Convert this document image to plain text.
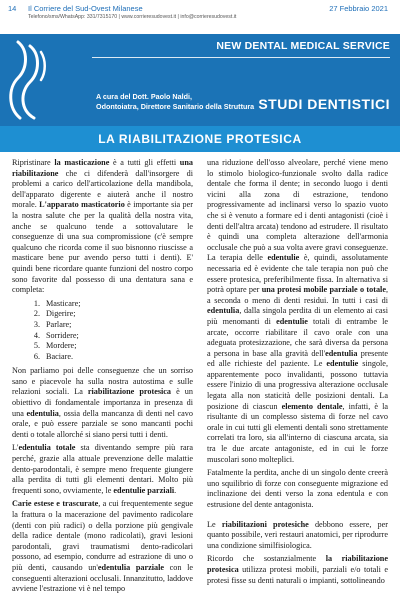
14 Il Corriere del Sud-Ovest Milanese
Telefono/sms/WhatsApp: 331/7315170 | www.corrieresudovest.it | info@corrieresudovest.it
27 Febbraio 2021
NEW DENTAL MEDICAL SERVICE
A cura del Dott. Paolo Naldi,
Odontoiatra, Direttore Sanitario della Struttura STUDI DENTISTICI
LA RIABILITAZIONE PROTESICA

Ripristinare la masticazione è a tutti gli effetti una riabilitazione che ci difenderà dall'insorgere di problemi a carico dell'articolazione della mandibola, dell'apparato digerente e aiuterà anche il nostro morale. L'apparato masticatorio è importante sia per la nostra salute che per la qualità della nostra vita, anche se qualcuno tende a sottovalutare le conseguenze di una sua compromissione (c'è sempre qualcuno che ricorda come il suo bisnonno riuscisse a masticare bene pur avendo perso tutti i denti). E' quindi bene ricordare quante funzioni del nostro corpo sono favorite dal possesso di una dentatura sana e completa:

1. Masticare;
2. Digerire;
3. Parlare;
4. Sorridere;
5. Mordere;
6. Baciare.

Non parliamo poi delle conseguenze che un sorriso sano e piacevole ha sulla nostra autostima e sulle relazioni sociali. La riabilitazione protesica è un obiettivo di fondamentale importanza in presenza di una edentulia, ossia della mancanza di denti nel cavo orale, e può essere parziale se sono mancanti pochi denti o totale allorché si siano persi tutti i denti.

L'edentulia totale sta diventando sempre più rara perché, grazie alla attuale prevenzione delle malattie dento-parodontali, è sempre meno frequente giungere alla perdita di tutti gli elementi dentari. Molto più frequenti sono, ovviamente, le edentulie parziali.

Carie estese e trascurate, a cui frequentemente segue la frattura o la macerazione del pavimento radicolare (denti con più radici) o della porzione più gengivale della radice dentale (mono radicolati), gravi lesioni parodontali, gravi traumatismi dento-radicolari possono, ad esempio, condurre ad estrazione di uno o più denti, causando un'edentulia parziale con le conseguenti alterazioni occlusali. Innanzitutto, laddove avviene l'estrazione vi è nel tempo

una riduzione dell'osso alveolare, perché viene meno lo stimolo biologico-funzionale svolto dalla radice dentale che forma il dente; in secondo luogo i denti vicini alla zona di estrazione, tendono progressivamente ad inclinarsi verso lo spazio vuoto che si è venuto a formare ed i denti antagonisti (cioè i denti dell'altra arcata) tendono ad estrudere. Il risultato è quindi una completa alterazione dell'armonia occlusale che può a sua volta avere gravi conseguenze. La terapia delle edentulie è, quindi, assolutamente necessaria ed è evidente che tale terapia non può che essere protesica, preferibilmente fissa. In alternativa si potrà optare per una protesi mobile parziale o totale, a seconda o meno di denti residui. In tutti i casi di edentulia, dalla singola perdita di un elemento ai casi più menomanti di edentulie totali di entrambe le arcate, occorre riabilitare il cavo orale con una adeguata protesizzazione, che sarà diversa da persona a persona in base alla gravità dell'edentulia presente ed alle richieste del paziente. Le edentulie singole, apparentemente poco invalidanti, possono tuttavia essere l'inizio di una progressiva alterazione occlusale legata alla non staticità delle posizioni dentali. La posizione di ciascun elemento dentale, infatti, è la risultante di un complesso sistema di forze nel cavo orale in cui tutti gli elementi dentali sono strettamente correlati tra loro, sia all'interno di ciascuna arcata, sia tra le due arcate antagoniste, ed in cui le forze muscolari sono molteplici.

Fatalmente la perdita, anche di un singolo dente creerà uno squilibrio di forze con conseguente migrazione ed inclinazione dei denti verso la zona edentula e con estrusione del dente antagonista.

Le riabilitazioni protesiche debbono essere, per quanto possibile, veri restauri anatomici, per riprodurre una condizione similfisiologica.

Ricordo che sostanzialmente la riabilitazione protesica utilizza protesi mobili, parziali e/o totali e protesi fisse su denti naturali o impianti, sottolineando
